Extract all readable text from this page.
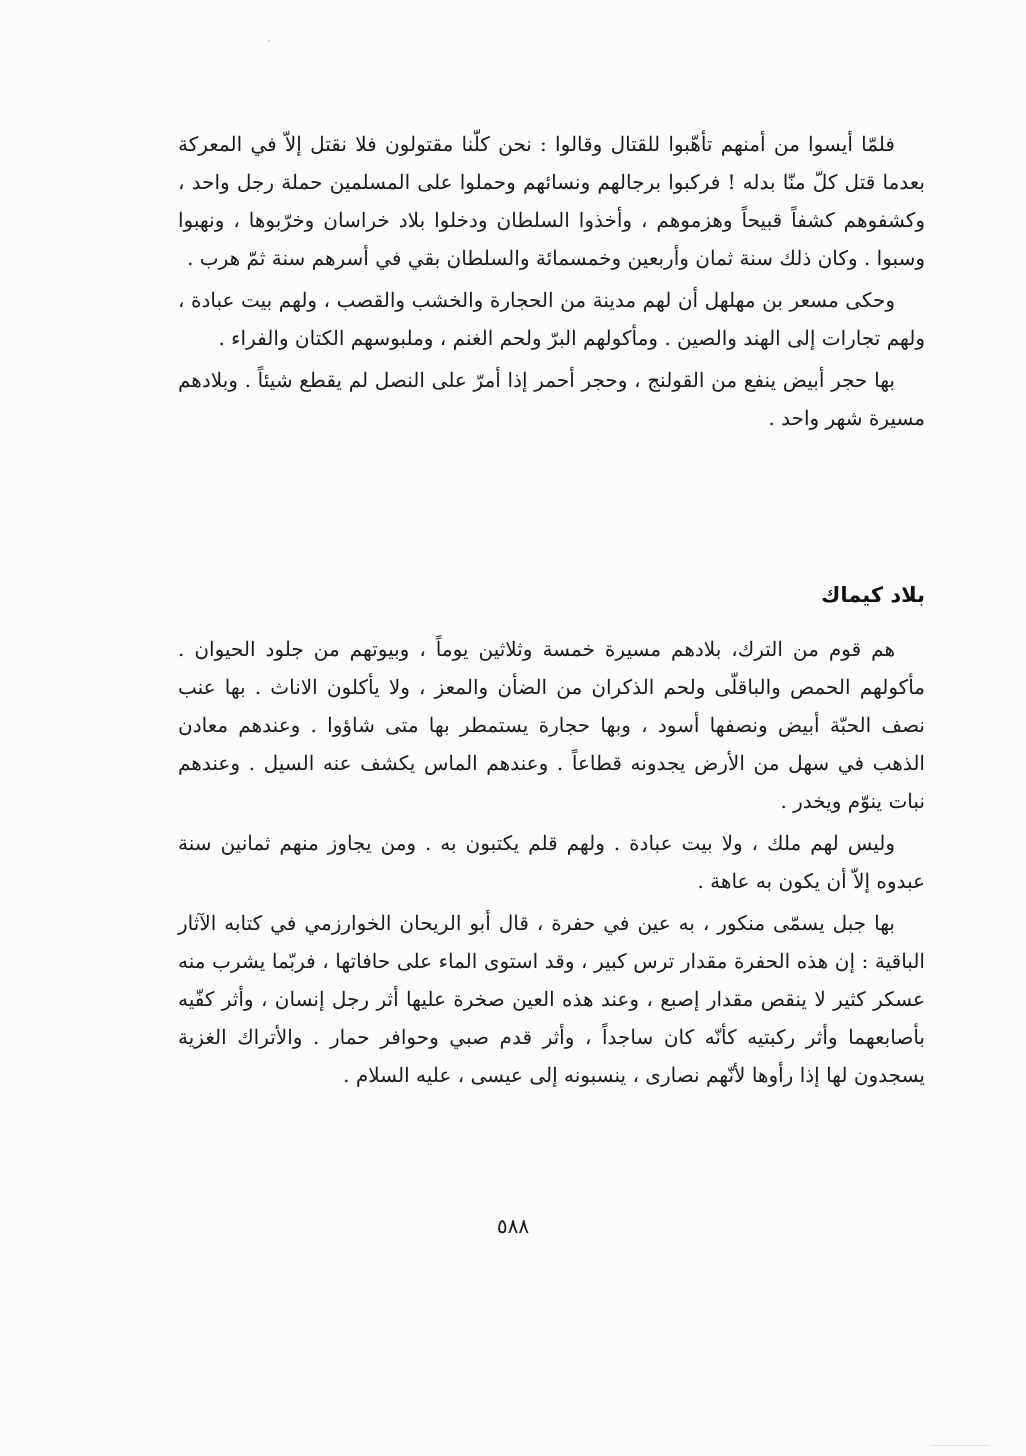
فلمّا أيسوا من أمنهم تأهّبوا للقتال وقالوا : نحن كلّنا مقتولون فلا نقتل إلاّ في المعركة بعدما قتل كلّ منّا بدله ! فركبوا برجالهم ونسائهم وحملوا على المسلمين حملة رجل واحد ، وكشفوهم كشفاً قبيحاً وهزموهم ، وأخذوا السلطان ودخلوا بلاد خراسان وخرّبوها ، ونهبوا وسبوا . وكان ذلك سنة ثمان وأربعين وخمسمائة والسلطان بقي في أسرهم سنة ثمّ هرب .

وحكى مسعر بن مهلهل أن لهم مدينة من الحجارة والخشب والقصب ، ولهم بيت عبادة ، ولهم تجارات إلى الهند والصين . ومأكولهم البرّ ولحم الغنم ، وملبوسهم الكتان والفراء .

بها حجر أبيض ينفع من القولنج ، وحجر أحمر إذا أمرّ على النصل لم يقطع شيئاً . وبلادهم مسيرة شهر واحد .

بلاد كيماك

هم قوم من الترك، بلادهم مسيرة خمسة وثلاثين يوماً ، وبيوتهم من جلود الحيوان . مأكولهم الحمص والباقلّى ولحم الذكران من الضأن والمعز ، ولا يأكلون الاناث . بها عنب نصف الحبّة أبيض ونصفها أسود ، وبها حجارة يستمطر بها متى شاؤوا . وعندهم معادن الذهب في سهل من الأرض يجدونه قطاعاً . وعندهم الماس يكشف عنه السيل . وعندهم نبات ينوّم ويخدر .

وليس لهم ملك ، ولا بيت عبادة . ولهم قلم يكتبون به . ومن يجاوز منهم ثمانين سنة عبدوه إلاّ أن يكون به عاهة .

بها جبل يسمّى منكور ، به عين في حفرة ، قال أبو الريحان الخوارزمي في كتابه الآثار الباقية : إن هذه الحفرة مقدار ترس كبير ، وقد استوى الماء على حافاتها ، فربّما يشرب منه عسكر كثير لا ينقص مقدار إصبع ، وعند هذه العين صخرة عليها أثر رجل إنسان ، وأثر كفّيه بأصابعهما وأثر ركبتيه كأنّه كان ساجداً ، وأثر قدم صبي وحوافر حمار . والأتراك الغزية يسجدون لها إذا رأوها لأنّهم نصارى ، ينسبونه إلى عيسى ، عليه السلام .

٥٨٨
